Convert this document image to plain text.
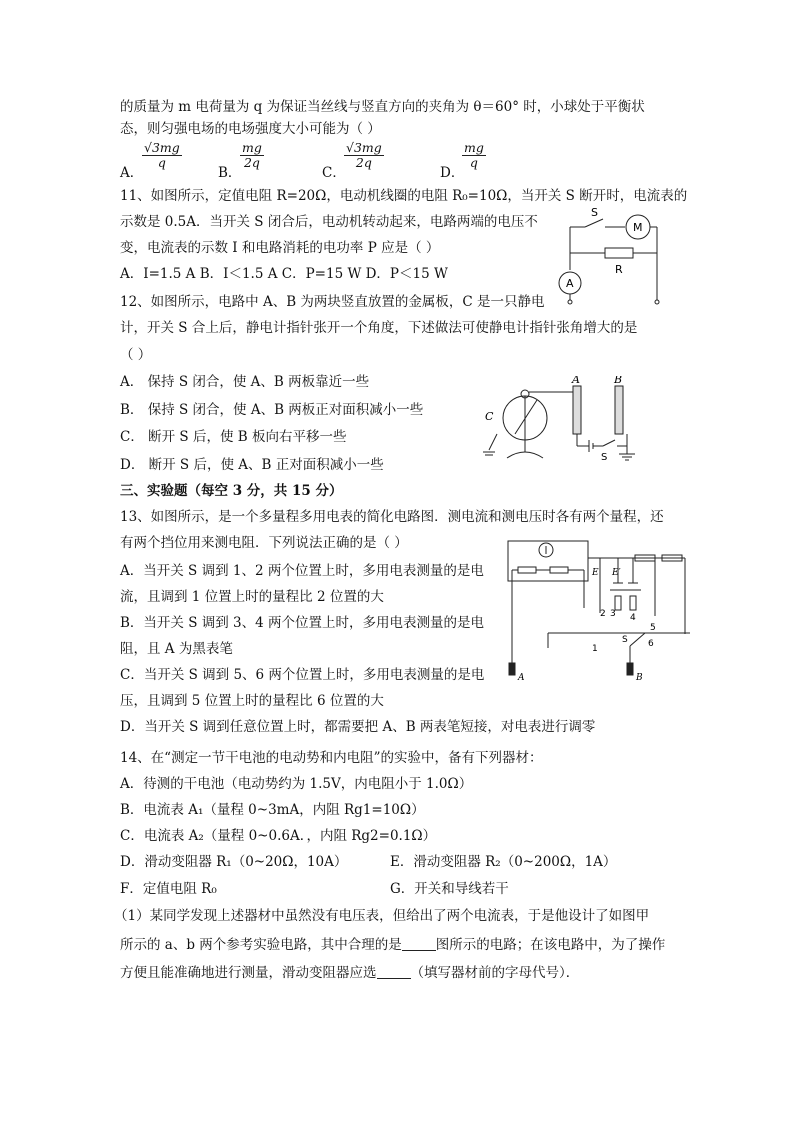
的质量为 m 电荷量为 q 为保证当丝线与竖直方向的夹角为 θ＝60° 时，小球处于平衡状
态，则匀强电场的电场强度大小可能为（ ）
A．
$\frac{√3mg}{q}$
B．
$\frac{mg}{2q}$
C．
$\frac{√3mg}{2q}$
D．
$\frac{mg}{q}$
11、如图所示，定值电阻 R=20Ω，电动机线圈的电阻 R₀=10Ω，当开关 S 断开时，电流表的
示数是 0.5A．当开关 S 闭合后，电动机转动起来，电路两端的电压不
变，电流表的示数 I 和电路消耗的电功率 P 应是（ ）
A．I=1.5 A B．I＜1.5 A C．P=15 W D．P＜15 W
S
M
R
A
12、如图所示，电路中 A、B 为两块竖直放置的金属板，C 是一只静电
计，开关 S 合上后，静电计指针张开一个角度，下述做法可使静电计指针张角增大的是
（ ）
A． 保持 S 闭合，使 A、B 两板靠近一些
B． 保持 S 闭合，使 A、B 两板正对面积减小一些
C． 断开 S 后，使 B 板向右平移一些
D． 断开 S 后，使 A、B 正对面积减小一些
A	B
C
S
三、实验题（每空 3 分，共 15 分）
13、如图所示，是一个多量程多用电表的简化电路图．测电流和测电压时各有两个量程，还
有两个挡位用来测电阻．下列说法正确的是（ ）
A．当开关 S 调到 1、2 两个位置上时，多用电表测量的是电
流，且调到 1 位置上时的量程比 2 位置的大
B．当开关 S 调到 3、4 两个位置上时，多用电表测量的是电
阻，且 A 为黑表笔
C．当开关 S 调到 5、6 两个位置上时，多用电表测量的是电
压，且调到 5 位置上时的量程比 6 位置的大
D．当开关 S 调到任意位置上时，都需要把 A、B 两表笔短接，对电表进行调零
E E′
1
2 3 4
5
6
S
A	B
14、在“测定一节干电池的电动势和内电阻”的实验中，备有下列器材：
A．待测的干电池（电动势约为 1.5V，内电阻小于 1.0Ω）
B．电流表 A₁（量程 0~3mA，内阻 Rg1=10Ω）
C．电流表 A₂（量程 0~0.6A．，内阻 Rg2=0.1Ω）
D．滑动变阻器 R₁（0~20Ω，10A）	E．滑动变阻器 R₂（0~200Ω，1A）
F．定值电阻 R₀	G．开关和导线若干
（1）某同学发现上述器材中虽然没有电压表，但给出了两个电流表，于是他设计了如图甲
所示的 a、b 两个参考实验电路，其中合理的是	图所示的电路；在该电路中，为了操作
方便且能准确地进行测量，滑动变阻器应选	（填写器材前的字母代号）．
